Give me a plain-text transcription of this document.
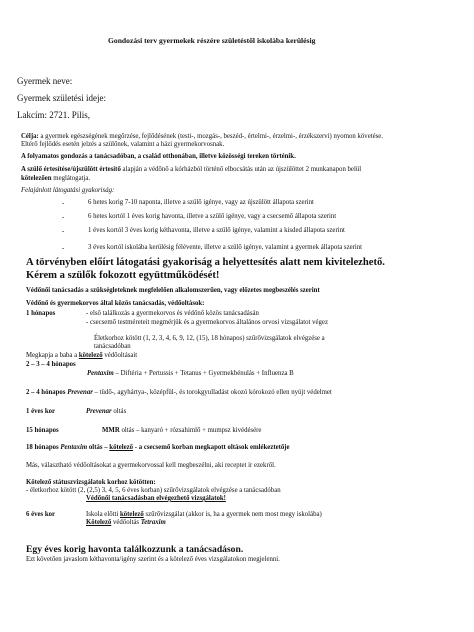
Gondozási terv gyermekek részére születéstől iskolába kerülésig
Gyermek neve:
Gyermek születési ideje:
Lakcím: 2721. Pilis,
Célja: a gyermek egészségének megőrzése, fejlődésének (testi-, mozgás-, beszéd-, értelmi-, érzelmi-, érzékszervi) nyomon követése.
Eltérő fejlődés esetén jelzés a szülőnek, valamint a házi gyermekorvosnak.
A folyamatos gondozás a tanácsadóban, a család otthonában, illetve közösségi tereken történik.
A szülő értesítése/újszülött értesítő alapján a védőnő a kórházból történő elbocsátás után az újszülöttet 2 munkanapon belül
kötelezően meglátogatja.
Felajánlott látogatási gyakoriság:
-	6 hetes korig 7-10 naponta, illetve a szülő igénye, vagy az újszülött állapota szerint
-	6 hetes kortól 1 éves korig havonta, illetve a szülő igénye, vagy a csecsemő állapota szerint
-	1 éves kortól 3 éves korig kéthavonta, illetve a szülő igénye, valamint a kisded állapota szerint
-	3 éves kortól iskolába kerülésig félévente, illetve a szülő igénye, valamint a gyermek állapota szerint
A törvényben előírt látogatási gyakoriság a helyettesítés alatt nem kivitelezhető.
Kérem a szülők fokozott együttműködését!
Védőnői tanácsadás a szükségleteknek megfelelően alkalomszerűen, vagy előzetes megbeszélés szerint
Védőnő és gyermekorvos által közös tanácsadás, védőoltások:
1 hónapos	- első találkozás a gyermekorvos és védőnő közös tanácsadásán
- csecsemő testméreteit megmérjük és a gyermekorvos általános orvosi vizsgálatot végez
Életkorhoz kötött (1, 2, 3, 4, 6, 9, 12, (15), 18 hónapos) szűrővizsgálatok elvégzése a
tanácsadóban
Megkapja a baba a kötelező védőoltásait
2 – 3 – 4 hónapos
Pentaxim – Diftéria + Pertussis + Tetanus + Gyermekbénulás + Influenza B
2 – 4 hónapos Prevenar – tüdő-, agyhártya-, középfül-, és torokgyulladást okozó kórokozó ellen nyújt védelmet
1 éves kor	Prevenar oltás
15 hónapos	MMR oltás – kanyaró + rózsahimlő + mumpsz kivédésére
18 hónapos Pentaxim oltás – kötelező - a csecsemő korban megkapott oltások emlékeztetője
Más, választható védőoltásokat a gyermekorvossal kell megbeszélni, aki receptet ír ezekről.
Kötelező státuszvizsgálatok korhoz kötötten:
- életkorhoz kötött (2, (2,5) 3, 4, 5, 6 éves korban) szűrővizsgálatok elvégzése a tanácsadóban
Védőnői tanácsadásban elvégezhető vizsgálatok!
6 éves kor	Iskola előtti kötelező szűrővizsgálat (akkor is, ha a gyermek nem most megy iskolába)
Kötelező védőoltás Tetraxim
Egy éves korig havonta találkozzunk a tanácsadáson.
Ezt követően javaslom kéthavonta/igény szerint és a kötelező éves vizsgálatokon megjelenni.
